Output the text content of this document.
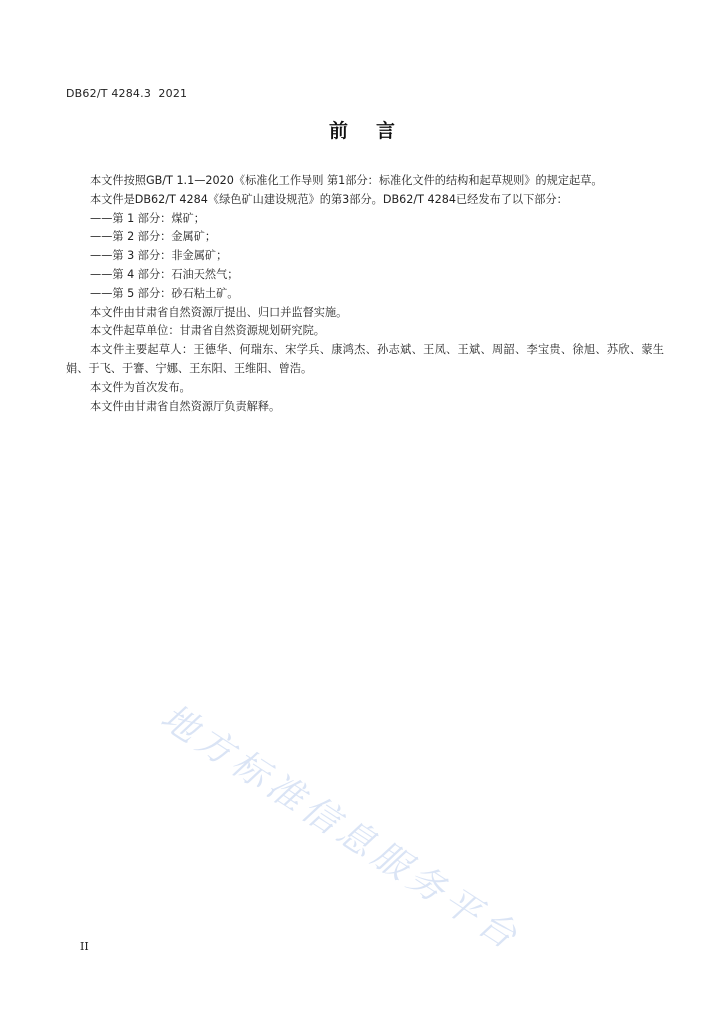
DB62/T 4284.3  2021
前 言

本文件按照GB/T 1.1—2020《标准化工作导则 第1部分：标准化文件的结构和起草规则》的规定起草。

本文件是DB62/T 4284《绿色矿山建设规范》的第3部分。DB62/T 4284已经发布了以下部分：

——第 1 部分：煤矿；

——第 2 部分：金属矿；

——第 3 部分：非金属矿；

——第 4 部分：石油天然气；

——第 5 部分：砂石粘土矿。

本文件由甘肃省自然资源厅提出、归口并监督实施。

本文件起草单位：甘肃省自然资源规划研究院。

本文件主要起草人：王德华、何瑞东、宋学兵、康鸿杰、孙志斌、王凤、王斌、周韶、李宝贵、徐旭、苏欣、蒙生娟、于飞、于謇、宁娜、王东阳、王维阳、曾浩。

本文件为首次发布。

本文件由甘肃省自然资源厅负责解释。

地方标准信息服务平台
II
